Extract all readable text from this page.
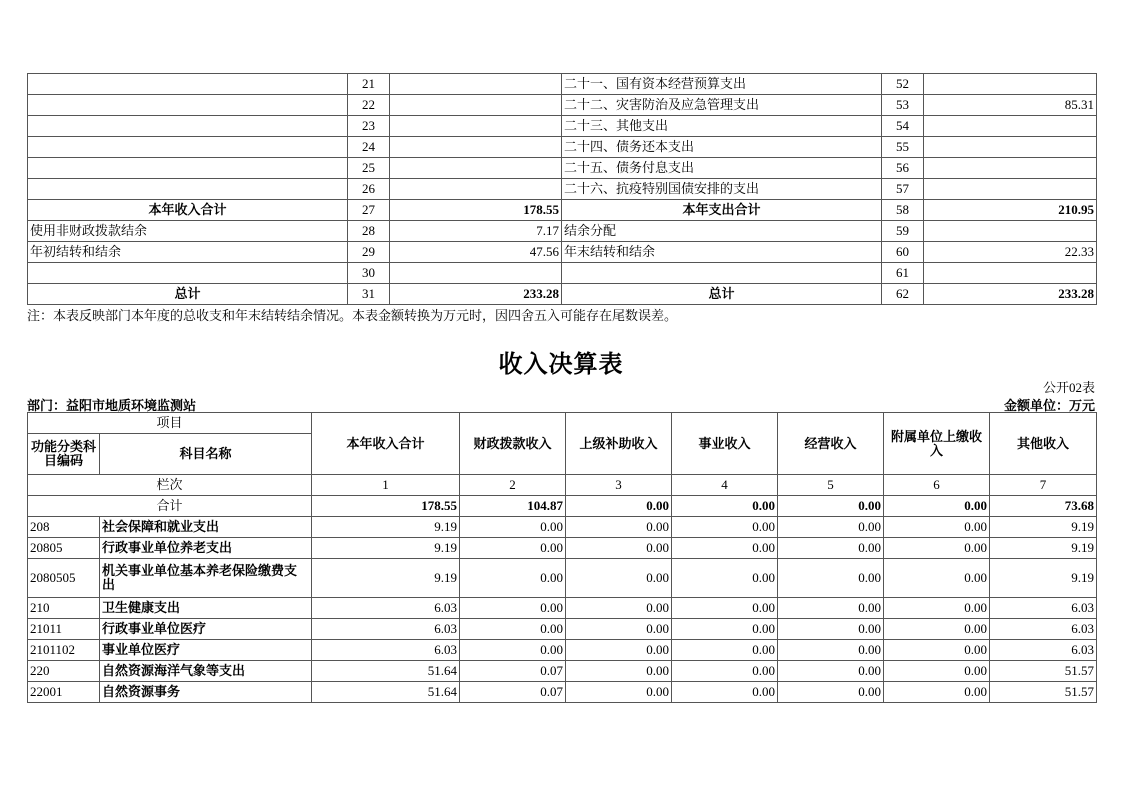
	21		二十一、国有资本经营预算支出	52	
	22		二十二、灾害防治及应急管理支出	53	85.31
	23		二十三、其他支出	54	
	24		二十四、债务还本支出	55	
	25		二十五、债务付息支出	56	
	26		二十六、抗疫特别国债安排的支出	57	
本年收入合计	27	178.55	本年支出合计	58	210.95
使用非财政拨款结余	28	7.17	结余分配	59	
年初结转和结余	29	47.56	年末结转和结余	60	22.33
	30			61	
总计	31	233.28	总计	62	233.28
注：本表反映部门本年度的总收支和年末结转结余情况。本表金额转换为万元时，因四舍五入可能存在尾数误差。
收入决算表
公开02表
部门：益阳市地质环境监测站	金额单位：万元
项目		本年收入合计	财政拨款收入	上级补助收入	事业收入	经营收入	附属单位上缴收入	其他收入
功能分类科目编码	科目名称							
栏次		1	2	3	4	5	6	7
合计		178.55	104.87	0.00	0.00	0.00	0.00	73.68
208	社会保障和就业支出	9.19	0.00	0.00	0.00	0.00	0.00	9.19
20805	行政事业单位养老支出	9.19	0.00	0.00	0.00	0.00	0.00	9.19
2080505	机关事业单位基本养老保险缴费支出	9.19	0.00	0.00	0.00	0.00	0.00	9.19
210	卫生健康支出	6.03	0.00	0.00	0.00	0.00	0.00	6.03
21011	行政事业单位医疗	6.03	0.00	0.00	0.00	0.00	0.00	6.03
2101102	事业单位医疗	6.03	0.00	0.00	0.00	0.00	0.00	6.03
220	自然资源海洋气象等支出	51.64	0.07	0.00	0.00	0.00	0.00	51.57
22001	自然资源事务	51.64	0.07	0.00	0.00	0.00	0.00	51.57
